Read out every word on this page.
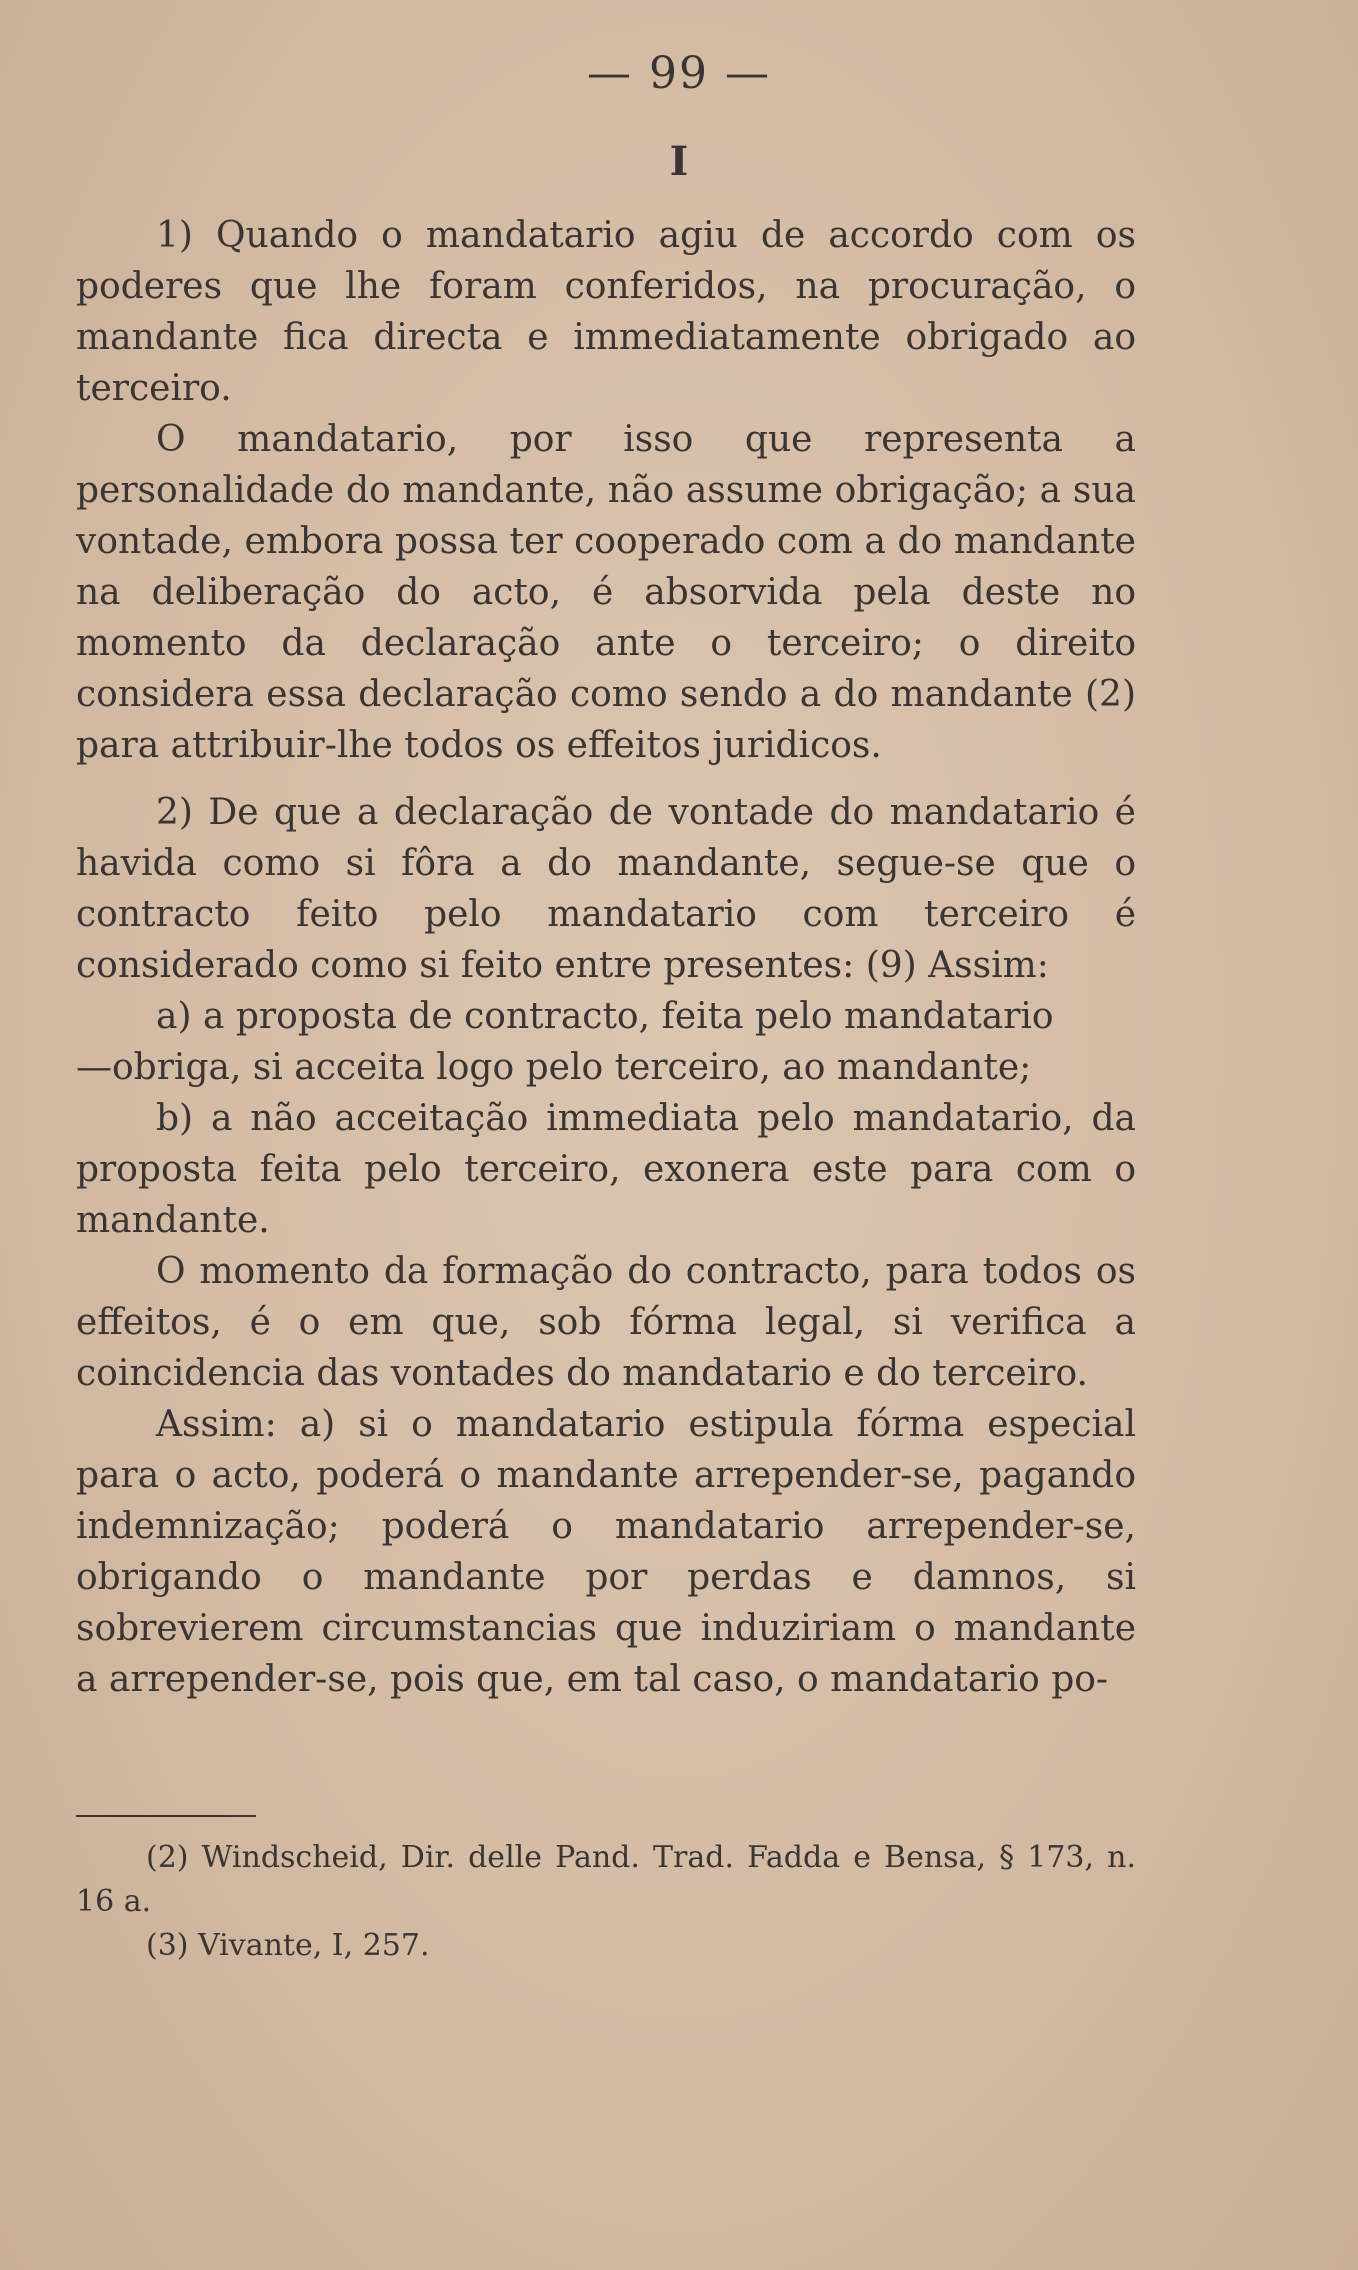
— 99 —
I

1) Quando o mandatario agiu de accordo com os poderes que lhe foram conferidos, na procuração, o mandante fica directa e immediatamente obrigado ao terceiro.

O mandatario, por isso que representa a personalidade do mandante, não assume obrigação; a sua vontade, embora possa ter cooperado com a do mandante na deliberação do acto, é absorvida pela deste no momento da declaração ante o terceiro; o direito considera essa declaração como sendo a do mandante (2) para attribuir-lhe todos os effeitos juridicos.

2) De que a declaração de vontade do mandatario é havida como si fôra a do mandante, segue-se que o contracto feito pelo mandatario com terceiro é considerado como si feito entre presentes: (9) Assim:

a) a proposta de contracto, feita pelo mandatario

—obriga, si acceita logo pelo terceiro, ao mandante;

b) a não acceitação immediata pelo mandatario, da proposta feita pelo terceiro, exonera este para com o mandante.

O momento da formação do contracto, para todos os effeitos, é o em que, sob fórma legal, si verifica a coincidencia das vontades do mandatario e do terceiro.

Assim: a) si o mandatario estipula fórma especial para o acto, poderá o mandante arrepender-se, pagando indemnização; poderá o mandatario arrepender-se, obrigando o mandante por perdas e damnos, si sobrevierem circumstancias que induziriam o mandante a arrepender-se, pois que, em tal caso, o mandatario po-

(2) Windscheid, Dir. delle Pand. Trad. Fadda e Bensa, § 173, n. 16 a.

(3) Vivante, I, 257.
